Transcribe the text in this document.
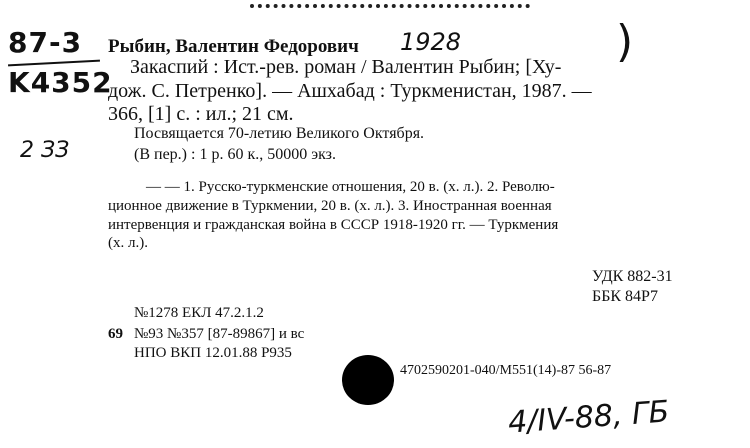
87-3
K4352
2 ЗЗ
Рыбин, Валентин Федорович 1928	)
Закаспий : Ист.-рев. роман / Валентин Рыбин; [Ху-
дож. С. Петренко]. — Ашхабад : Туркменистан, 1987. —
366, [1] с. : ил.; 21 см.
Посвящается 70-летию Великого Октября.
(В пер.) : 1 р. 60 к., 50000 экз.
— — 1. Русско-туркменские отношения, 20 в. (х. л.). 2. Револю-
ционное движение в Туркмении, 20 в. (х. л.). 3. Иностранная военная
интервенция и гражданская война в СССР 1918-1920 гг. — Туркмения
(х. л.).
УДК 882-31
ББК 84Р7
№1278 ЕКЛ 47.2.1.2
69 №93 №357 [87-89867] и вс
НПО ВКП 12.01.88 Р935
4702590201-040/М551(14)-87 56-87
4/IV-88, ГБ
